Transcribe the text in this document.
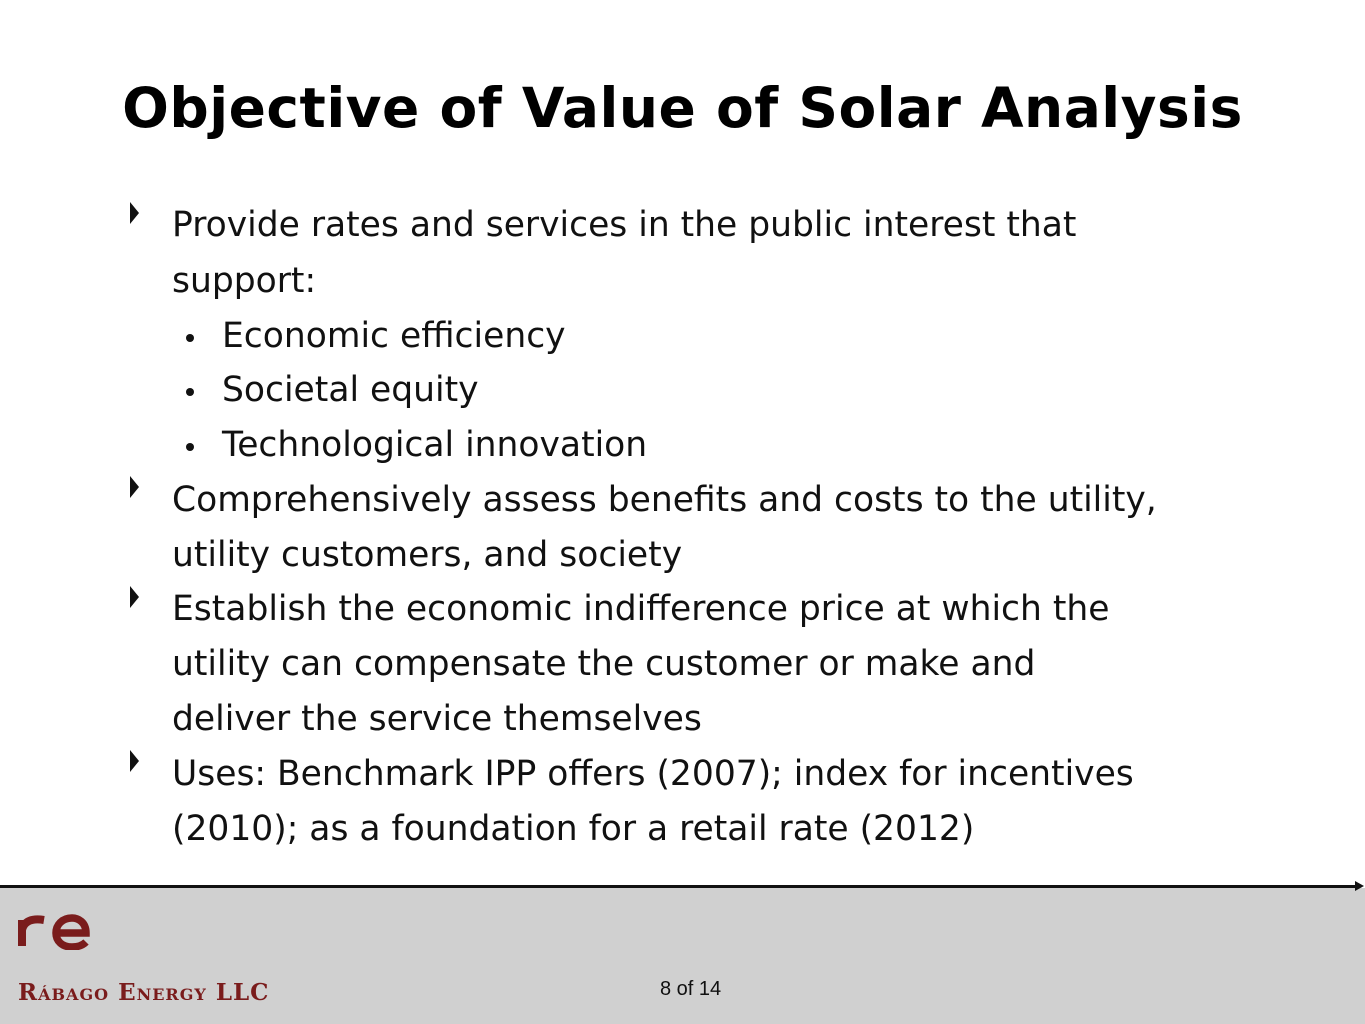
Objective of Value of Solar Analysis
Provide rates and services in the public interest that
support:
Economic efficiency
Societal equity
Technological innovation
Comprehensively assess benefits and costs to the utility,
utility customers, and society
Establish the economic indifference price at which the
utility can compensate the customer or make and
deliver the service themselves
Uses: Benchmark IPP offers (2007); index for incentives
(2010); as a foundation for a retail rate (2012)
Rábago Energy LLC	8 of 14
